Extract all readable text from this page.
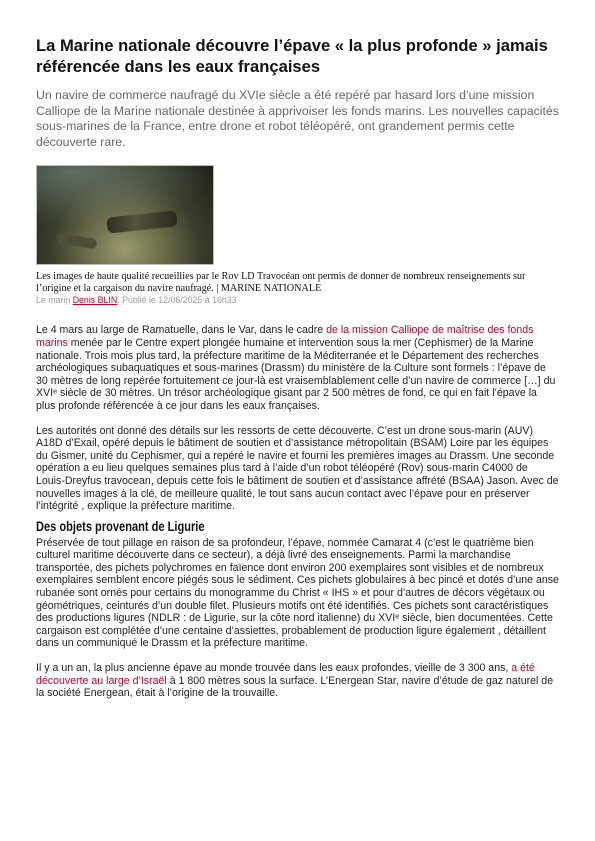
La Marine nationale découvre l’épave « la plus profonde » jamais référencée dans les eaux françaises

Un navire de commerce naufragé du XVIe siècle a été repéré par hasard lors d’une mission Calliope de la Marine nationale destinée à apprivoiser les fonds marins. Les nouvelles capacités sous-marines de la France, entre drone et robot téléopéré, ont grandement permis cette découverte rare.

Les images de haute qualité recueillies par le Rov LD Travocéan ont permis de donner de nombreux renseignements sur l’origine et la cargaison du navire naufragé. | MARINE NATIONALE
Le marin Denis BLIN. Publié le 12/06/2025 à 16h33

Le 4 mars au large de Ramatuelle, dans le Var, dans le cadre de la mission Calliope de maîtrise des fonds marins menée par le Centre expert plongée humaine et intervention sous la mer (Cephismer) de la Marine nationale. Trois mois plus tard, la préfecture maritime de la Méditerranée et le Département des recherches archéologiques subaquatiques et sous-marines (Drassm) du ministère de la Culture sont formels : l’épave de 30 mètres de long repérée fortuitement ce jour-là est vraisemblablement celle d’un navire de commerce […] du XVIᵉ siècle de 30 mètres. Un trésor archéologique gisant par 2 500 mètres de fond, ce qui en fait l’épave la plus profonde référencée à ce jour dans les eaux françaises.

Les autorités ont donné des détails sur les ressorts de cette découverte. C’est un drone sous-marin (AUV) A18D d’Exail, opéré depuis le bâtiment de soutien et d’assistance métropolitain (BSAM) Loire par les équipes du Gismer, unité du Cephismer, qui a repéré le navire et fourni les premières images au Drassm. Une seconde opération a eu lieu quelques semaines plus tard à l’aide d’un robot téléopéré (Rov) sous-marin C4000 de Louis-Dreyfus travocean, depuis cette fois le bâtiment de soutien et d’assistance affrété (BSAA) Jason. Avec de nouvelles images à la clé, de meilleure qualité, le tout sans aucun contact avec l’épave pour en préserver l’intégrité , explique la préfecture maritime.

Des objets provenant de Ligurie

Préservée de tout pillage en raison de sa profondeur, l’épave, nommée Camarat 4 (c’est le quatrième bien culturel maritime découverte dans ce secteur), a déjà livré des enseignements. Parmi la marchandise transportée, des pichets polychromes en faïence dont environ 200 exemplaires sont visibles et de nombreux exemplaires semblent encore piégés sous le sédiment. Ces pichets globulaires à bec pincé et dotés d’une anse rubanée sont ornés pour certains du monogramme du Christ « IHS » et pour d’autres de décors végétaux ou géométriques, ceinturés d’un double filet. Plusieurs motifs ont été identifiés. Ces pichets sont caractéristiques des productions ligures (NDLR : de Ligurie, sur la côte nord italienne) du XVIᵉ siècle, bien documentées. Cette cargaison est complétée d’une centaine d’assiettes, probablement de production ligure également , détaillent dans un communiqué le Drassm et la préfecture maritime.

Il y a un an, la plus ancienne épave au monde trouvée dans les eaux profondes, vieille de 3 300 ans, a été découverte au large d’Israël à 1 800 mètres sous la surface. L’Energean Star, navire d’étude de gaz naturel de la société Energean, était à l’origine de la trouvaille.
